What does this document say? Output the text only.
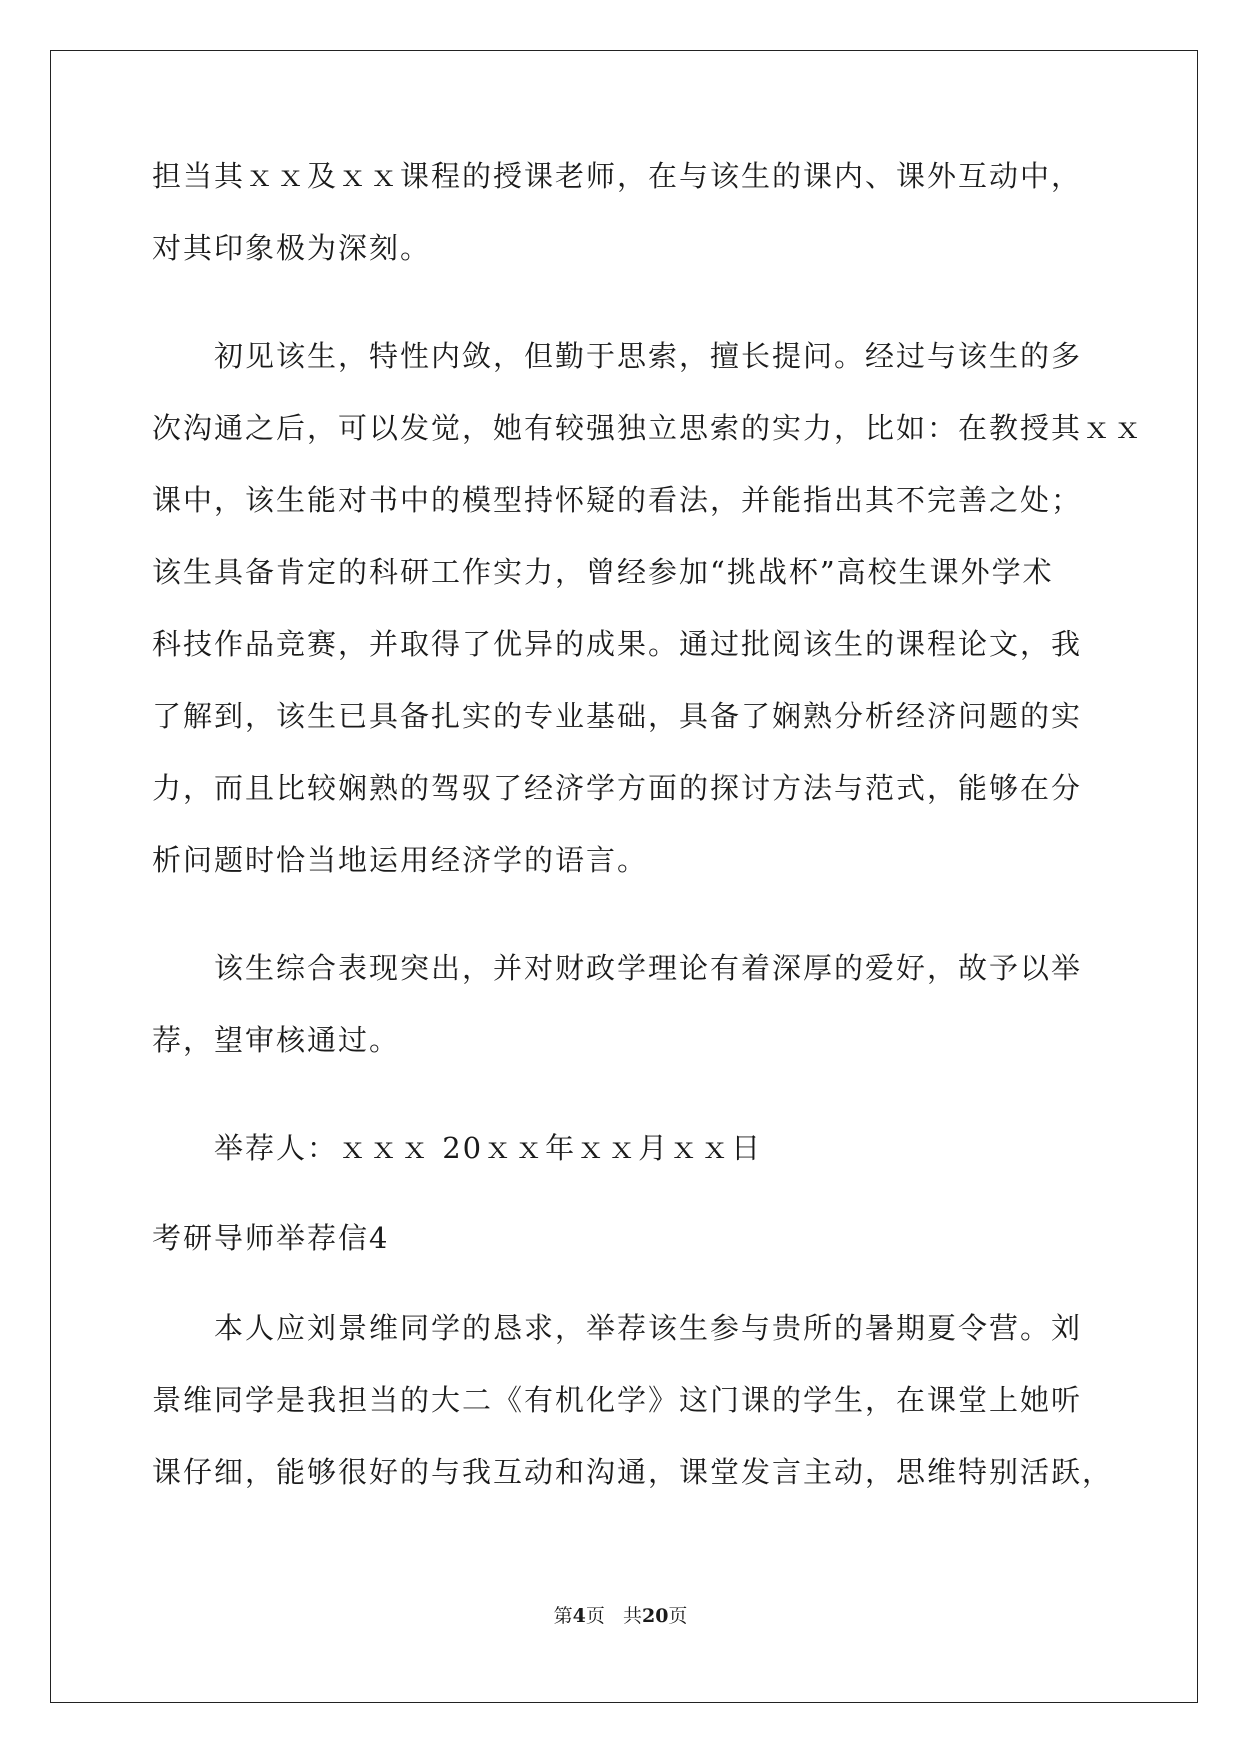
担当其ｘｘ及ｘｘ课程的授课老师，在与该生的课内、课外互动中，
对其印象极为深刻。
初见该生，特性内敛，但勤于思索，擅长提问。经过与该生的多
次沟通之后，可以发觉，她有较强独立思索的实力，比如：在教授其ｘｘ
课中，该生能对书中的模型持怀疑的看法，并能指出其不完善之处；
该生具备肯定的科研工作实力，曾经参加“挑战杯”高校生课外学术
科技作品竞赛，并取得了优异的成果。通过批阅该生的课程论文，我
了解到，该生已具备扎实的专业基础，具备了娴熟分析经济问题的实
力，而且比较娴熟的驾驭了经济学方面的探讨方法与范式，能够在分
析问题时恰当地运用经济学的语言。
该生综合表现突出，并对财政学理论有着深厚的爱好，故予以举
荐，望审核通过。
举荐人：ｘｘｘ 20ｘｘ年ｘｘ月ｘｘ日
考研导师举荐信4
本人应刘景维同学的恳求，举荐该生参与贵所的暑期夏令营。刘
景维同学是我担当的大二《有机化学》这门课的学生，在课堂上她听
课仔细，能够很好的与我互动和沟通，课堂发言主动，思维特别活跃，
第4页 共20页
